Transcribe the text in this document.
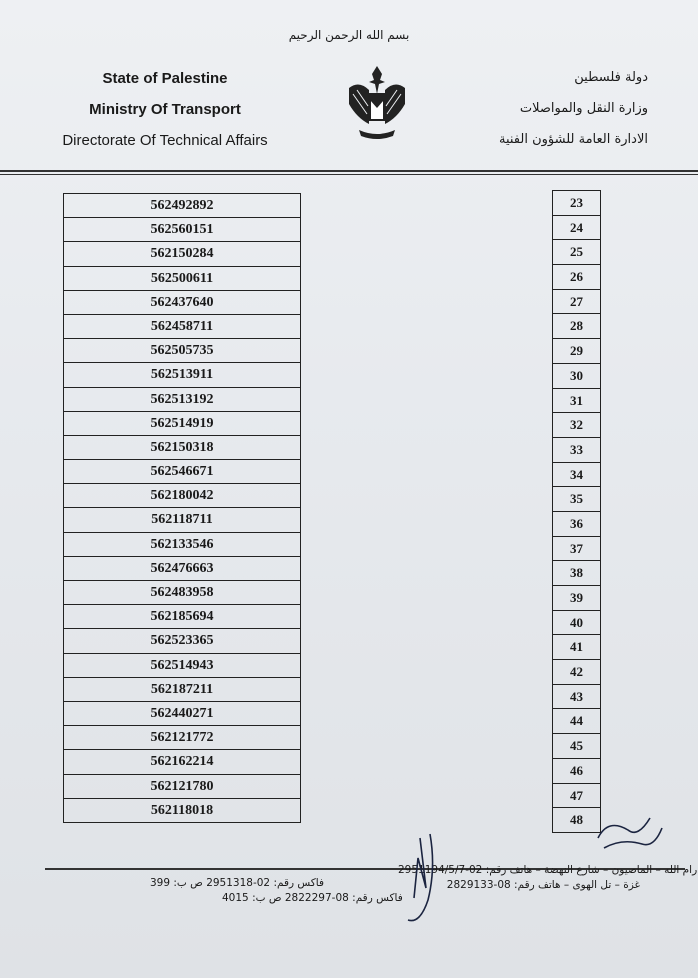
بسم الله الرحمن الرحيم
State of Palestine
Ministry Of Transport
Directorate Of Technical Affairs
دولة فلسطين
وزارة النقل والمواصلات
الادارة العامة للشؤون الفنية
562492892
562560151
562150284
562500611
562437640
562458711
562505735
562513911
562513192
562514919
562150318
562546671
562180042
562118711
562133546
562476663
562483958
562185694
562523365
562514943
562187211
562440271
562121772
562162214
562121780
562118018
23
24
25
26
27
28
29
30
31
32
33
34
35
36
37
38
39
40
41
42
43
44
45
46
47
48
رام الله – الماصيون – شارع النهضة – هاتف رقم: 02-2951194/5/7
فاكس رقم: 02-2951318 ص ب: 399	غزة – تل الهوى – هاتف رقم: 08-2829133
فاكس رقم: 08-2822297 ص ب: 4015
